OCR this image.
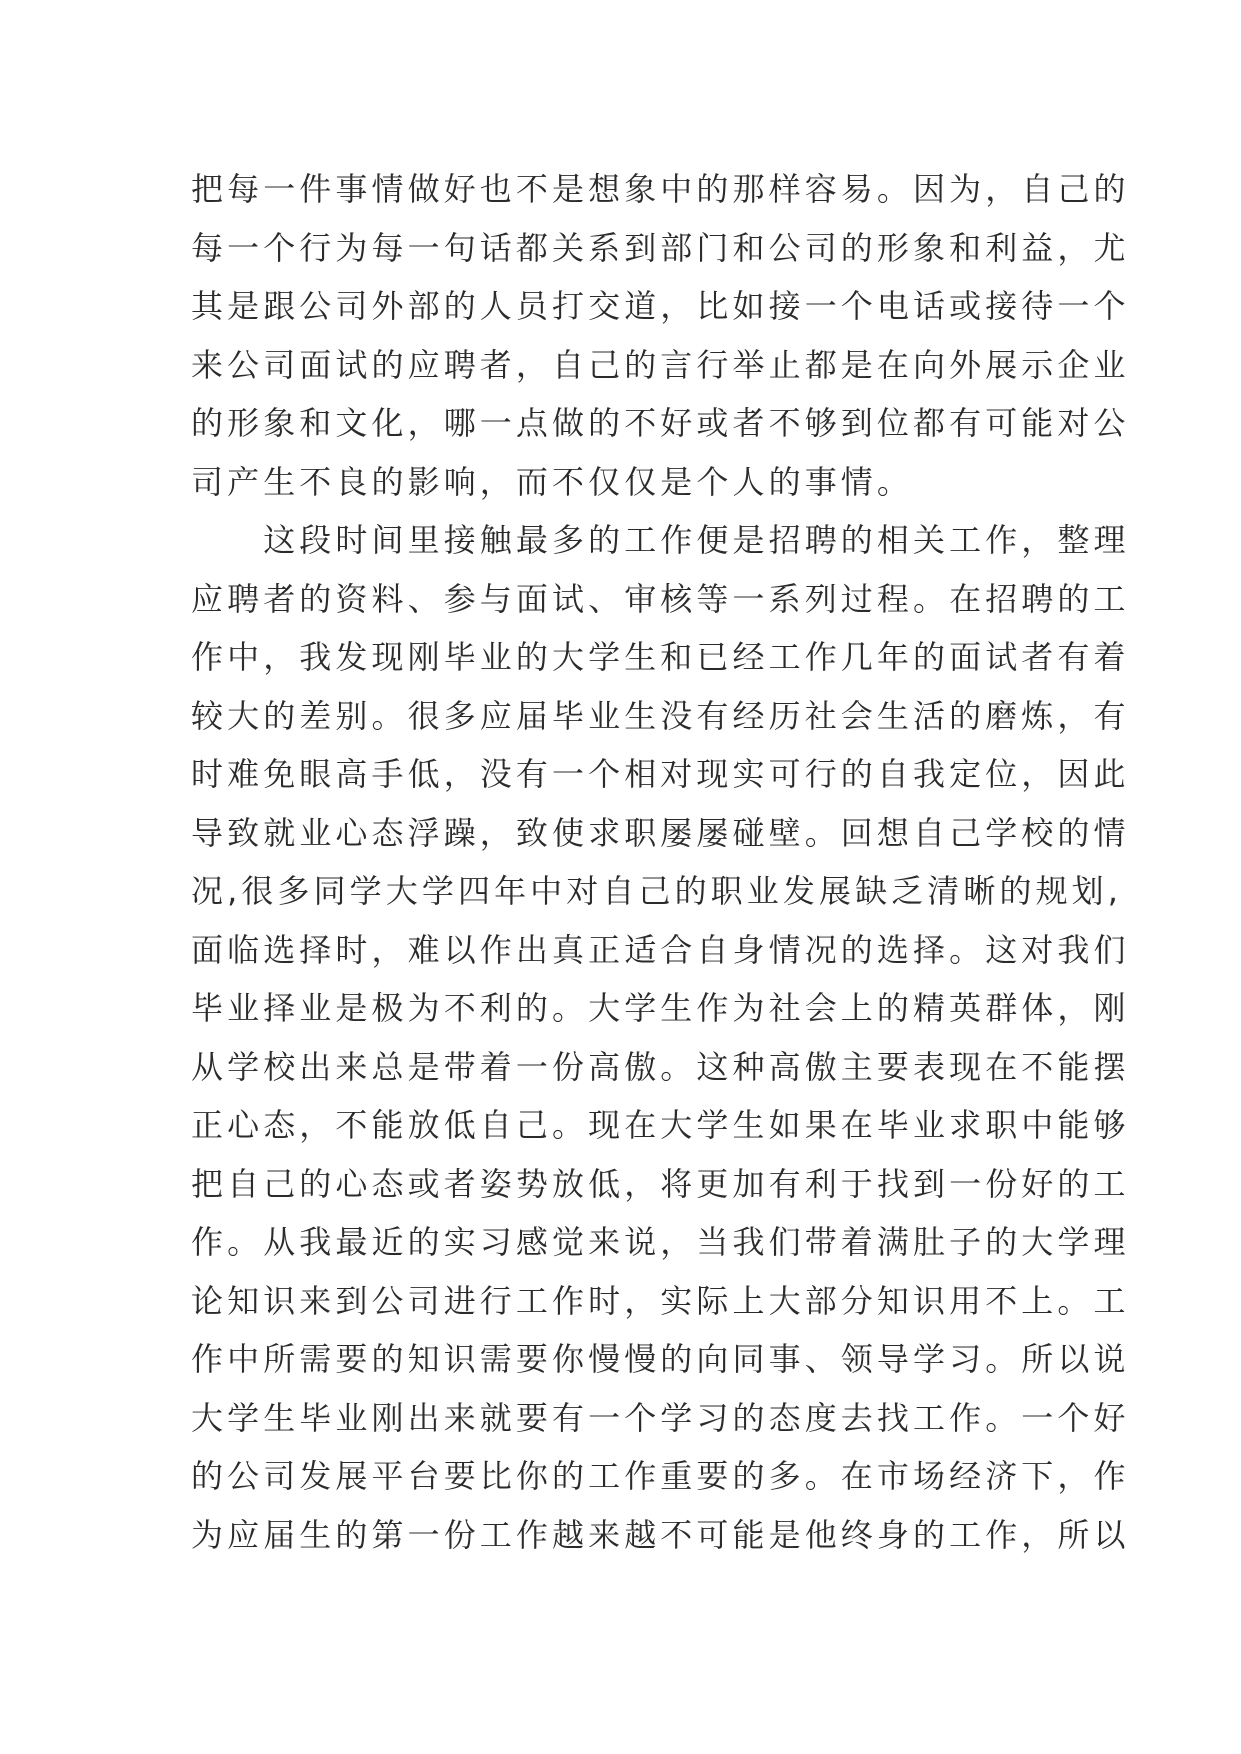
把每一件事情做好也不是想象中的那样容易。因为，自己的
每一个行为每一句话都关系到部门和公司的形象和利益，尤
其是跟公司外部的人员打交道，比如接一个电话或接待一个
来公司面试的应聘者，自己的言行举止都是在向外展示企业
的形象和文化，哪一点做的不好或者不够到位都有可能对公
司产生不良的影响，而不仅仅是个人的事情。
　　这段时间里接触最多的工作便是招聘的相关工作，整理
应聘者的资料、参与面试、审核等一系列过程。在招聘的工
作中，我发现刚毕业的大学生和已经工作几年的面试者有着
较大的差别。很多应届毕业生没有经历社会生活的磨炼，有
时难免眼高手低，没有一个相对现实可行的自我定位，因此
导致就业心态浮躁，致使求职屡屡碰壁。回想自己学校的情
况,很多同学大学四年中对自己的职业发展缺乏清晰的规划,
面临选择时，难以作出真正适合自身情况的选择。这对我们
毕业择业是极为不利的。大学生作为社会上的精英群体，刚
从学校出来总是带着一份高傲。这种高傲主要表现在不能摆
正心态，不能放低自己。现在大学生如果在毕业求职中能够
把自己的心态或者姿势放低，将更加有利于找到一份好的工
作。从我最近的实习感觉来说，当我们带着满肚子的大学理
论知识来到公司进行工作时，实际上大部分知识用不上。工
作中所需要的知识需要你慢慢的向同事、领导学习。所以说
大学生毕业刚出来就要有一个学习的态度去找工作。一个好
的公司发展平台要比你的工作重要的多。在市场经济下，作
为应届生的第一份工作越来越不可能是他终身的工作，所以
